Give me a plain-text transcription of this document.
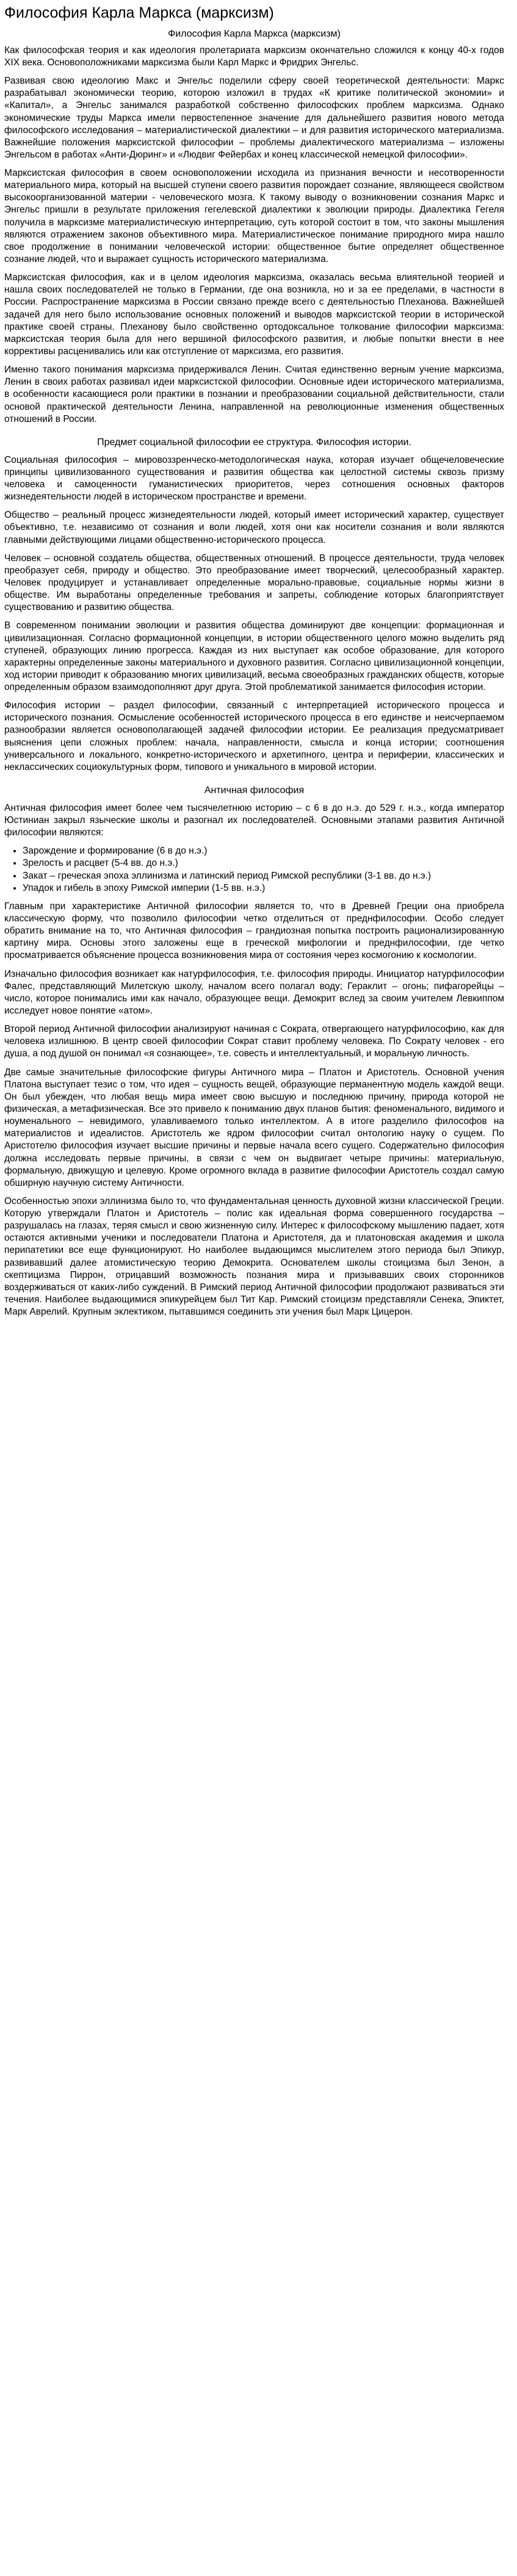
Философия Карла Маркса (марксизм)
Философия Карла Маркса (марксизм)

Как философская теория и как идеология пролетариата марксизм окончательно сложился к концу 40-х годов XIX века. Основоположниками марксизма были Карл Маркс и Фридрих Энгельс.

Развивая свою идеологию Макс и Энгельс поделили сферу своей теоретической деятельности: Маркс разрабатывал экономически теорию, которою изложил в трудах «К критике политической экономии» и «Капитал», а Энгельс занимался разработкой собственно философских проблем марксизма. Однако экономические труды Маркса имели первостепенное значение для дальнейшего развития нового метода философского исследования – материалистической диалектики – и для развития исторического материализма. Важнейшие положения марксистской философии – проблемы диалектического материализма – изложены Энгельсом в работах «Анти-Дюринг» и «Людвиг Фейербах и конец классической немецкой философии».

Марксистская философия в своем основоположении исходила из признания вечности и несотворенности материального мира, который на высшей ступени своего развития порождает сознание, являющееся свойством высокоорганизованной материи - человеческого мозга. К такому выводу о возникновении сознания Маркс и Энгельс пришли в результате приложения гегелевской диалектики к эволюции природы. Диалектика Гегеля получила в марксизме материалистическую интерпретацию, суть которой состоит в том, что законы мышления являются отражением законов объективного мира. Материалистическое понимание природного мира нашло свое продолжение в понимании человеческой истории: общественное бытие определяет общественное сознание людей, что и выражает сущность исторического материализма.

Марксистская философия, как и в целом идеология марксизма, оказалась весьма влиятельной теорией и нашла своих последователей не только в Германии, где она возникла, но и за ее пределами, в частности в России. Распространение марксизма в России связано прежде всего с деятельностью Плеханова. Важнейшей задачей для него было использование основных положений и выводов марксистской теории в исторической практике своей страны. Плеханову было свойственно ортодоксальное толкование философии марксизма: марксистская теория была для него вершиной философского развития, и любые попытки внести в нее коррективы расценивались или как отступление от марксизма, его развития.

Именно такого понимания марксизма придерживался Ленин. Считая единственно верным учение марксизма, Ленин в своих работах развивал идеи марксистской философии. Основные идеи исторического материализма, в особенности касающиеся роли практики в познании и преобразовании социальной действительности, стали основой практической деятельности Ленина, направленной на революционные изменения общественных отношений в России.

Предмет социальной философии ее структура. Философия истории.

Социальная философия – мировоззренческо-методологическая наука, которая изучает общечеловеческие принципы цивилизованного существования и развития общества как целостной системы сквозь призму человека и самоценности гуманистических приоритетов, через сотношения основных факторов жизнедеятельности людей в историческом пространстве и времени.

Общество – реальный процесс жизнедеятельности людей, который имеет исторический характер, существует объективно, т.е. независимо от сознания и воли людей, хотя они как носители сознания и воли являются главными действующими лицами общественно-исторического процесса.

Человек – основной создатель общества, общественных отношений. В процессе деятельности, труда человек преобразует себя, природу и общество. Это преобразование имеет творческий, целесообразный характер. Человек продуцирует и устанавливает определенные морально-правовые, социальные нормы жизни в обществе. Им выработаны определенные требования и запреты, соблюдение которых благоприятствует существованию и развитию общества.

В современном понимании эволюции и развития общества доминируют две концепции: формационная и цивилизационная. Согласно формационной концепции, в истории общественного целого можно выделить ряд ступеней, образующих линию прогресса. Каждая из них выступает как особое образование, для которого характерны определенные законы материального и духовного развития. Согласно цивилизационной концепции, ход истории приводит к образованию многих цивилизаций, весьма своеобразных гражданских обществ, которые определенным образом взаимодополняют друг друга. Этой проблематикой занимается философия истории.

Философия истории – раздел философии, связанный с интерпретацией исторического процесса и исторического познания. Осмысление особенностей исторического процесса в его единстве и неисчерпаемом разнообразии является основополагающей задачей философии истории. Ее реализация предусматривает выяснения цепи сложных проблем: начала, направленности, смысла и конца истории; соотношения универсального и локального, конкретно-исторического и архетипного, центра и периферии, классических и неклассических социокультурных форм, типового и уникального в мировой истории.

Античная философия

Античная философия имеет более чем тысячелетнюю историю – с 6 в до н.э. до 529 г. н.э., когда император Юстиниан закрыл языческие школы и разогнал их последователей. Основными этапами развития Античной философии являются:

• Зарождение и формирование (6 в до н.э.)
• Зрелость и расцвет (5-4 вв. до н.э.)
• Закат – греческая эпоха эллинизма и латинский период Римской республики (3-1 вв. до н.э.)
• Упадок и гибель в эпоху Римской империи (1-5 вв. н.э.)

Главным при характеристике Античной философии является то, что в Древней Греции она приобрела классическую форму, что позволило философии четко отделиться от преднфилософии. Особо следует обратить внимание на то, что Античная философия – грандиозная попытка построить рационализированную картину мира. Основы этого заложены еще в греческой мифологии и преднфилософии, где четко просматривается объяснение процесса возникновения мира от состояния через космогонию к космологии.

Изначально философия возникает как натурфилософия, т.е. философия природы. Инициатор натурфилософии Фалес, представляющий Милетскую школу, началом всего полагал воду; Гераклит – огонь; пифагорейцы – число, которое понимались ими как начало, образующее вещи. Демокрит вслед за своим учителем Левкиппом исследует новое понятие «атом».

Второй период Античной философии анализируют начиная с Сократа, отвергающего натурфилософию, как для человека излишнюю. В центр своей философии Сократ ставит проблему человека. По Сократу человек - его душа, а под душой он понимал «я сознающее», т.е. совесть и интеллектуальный, и моральную личность.

Две самые значительные философские фигуры Античного мира – Платон и Аристотель. Основной учения Платона выступает тезис о том, что идея – сущность вещей, образующие перманентную модель каждой вещи. Он был убежден, что любая вещь мира имеет свою высшую и последнюю причину, природа которой не физическая, а метафизическая. Все это привело к пониманию двух планов бытия: феноменального, видимого и ноуменального – невидимого, улавливаемого только интеллектом. А в итоге разделило философов на материалистов и идеалистов. Аристотель же ядром философии считал онтологию науку о сущем. По Аристотелю философия изучает высшие причины и первые начала всего сущего. Содержательно философия должна исследовать первые причины, в связи с чем он выдвигает четыре причины: материальную, формальную, движущую и целевую. Кроме огромного вклада в развитие философии Аристотель создал самую обширную научную систему Античности.

Особенностью эпохи эллинизма было то, что фундаментальная ценность духовной жизни классической Греции. Которую утверждали Платон и Аристотель – полис как идеальная форма совершенного государства – разрушалась на глазах, теряя смысл и свою жизненную силу. Интерес к философскому мышлению падает, хотя остаются активными ученики и последователи Платона и Аристотеля, да и платоновская академия и школа перипатетики все еще функционируют. Но наиболее выдающимся мыслителем этого периода был Эпикур, развивавший далее атомистическую теорию Демокрита. Основателем школы стоицизма был Зенон, а скептицизма Пиррон, отрицавший возможность познания мира и призывавших своих сторонников воздерживаться от каких-либо суждений. В Римский период Античной философии продолжают развиваться эти течения. Наиболее выдающимися эпикурейцем был Тит Кар. Римский стоицизм представляли Сенека, Эпиктет, Марк Аврелий. Крупным эклектиком, пытавшимся соединить эти учения был Марк Цицерон.
